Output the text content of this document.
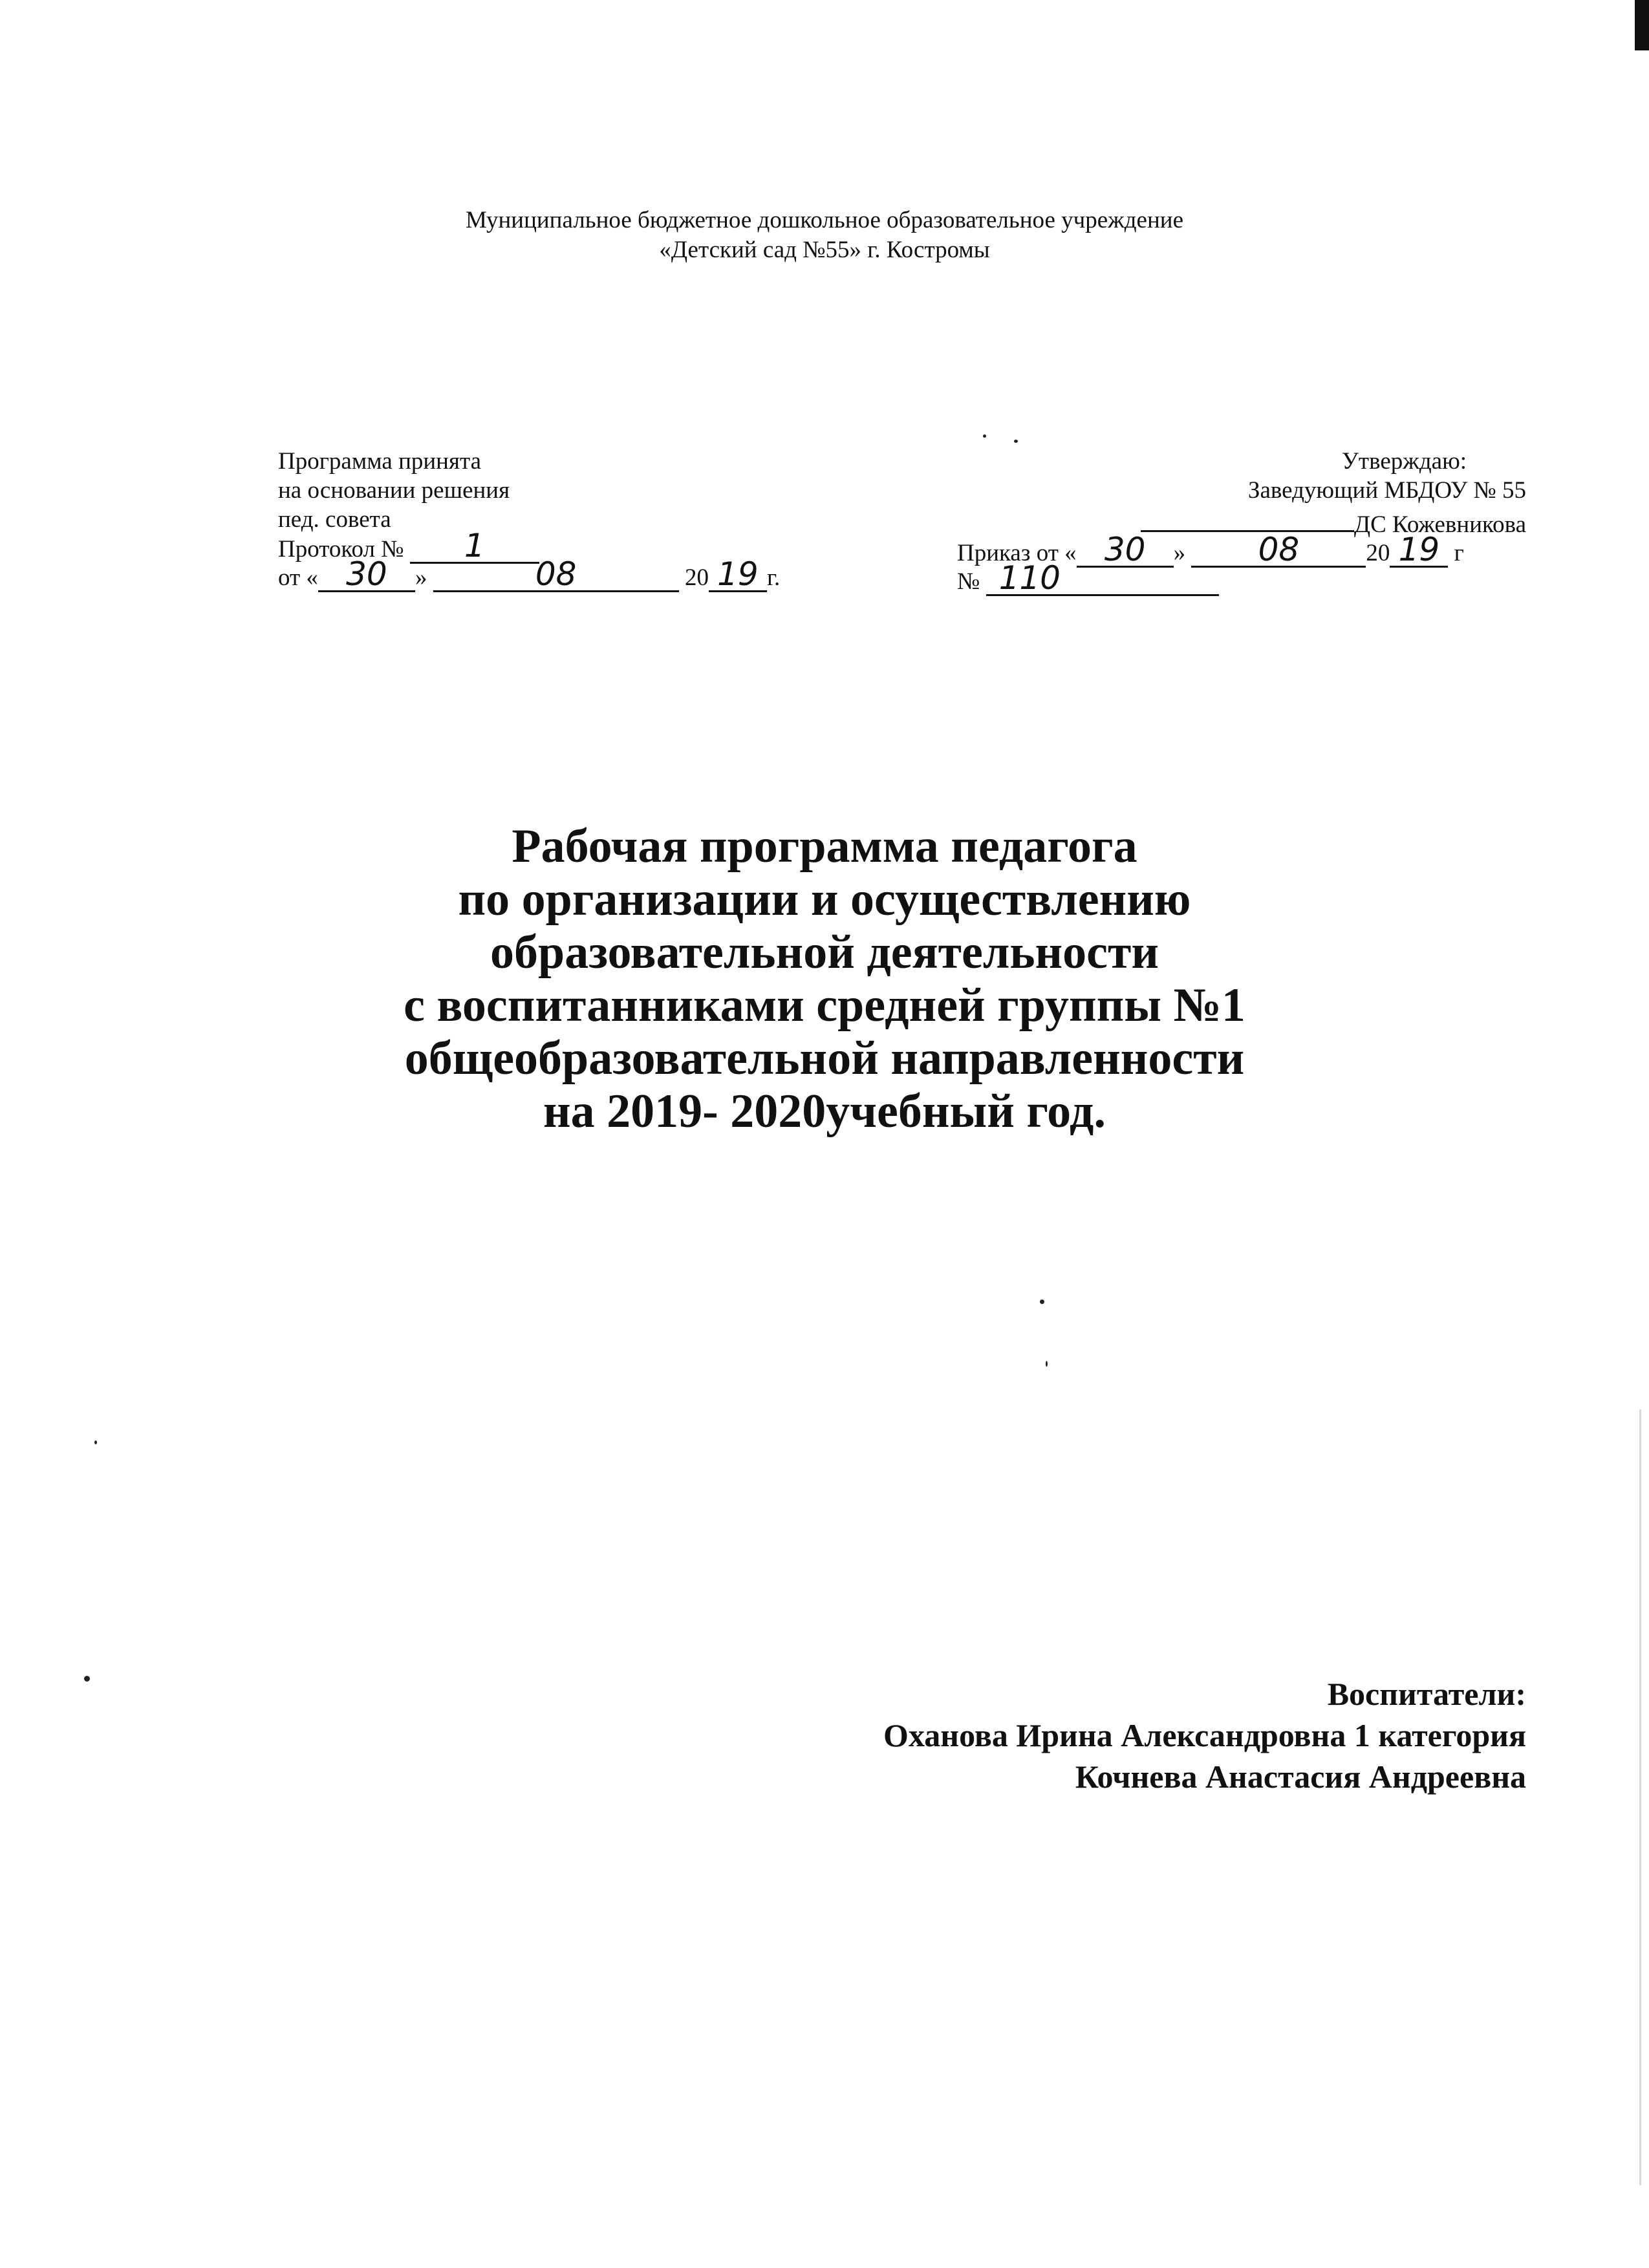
Муниципальное бюджетное дошкольное образовательное учреждение
«Детский сад №55» г. Костромы
Программа принята
на основании решения
пед. совета
Протокол № 1
от « 30 »	08	20 19 г.
Утверждаю:
Заведующий МБДОУ № 55
ДС Кожевникова
Приказ от « 30 » 08	20 19 г
№ 110
Рабочая программа педагога
по организации и осуществлению
образовательной деятельности
с воспитанниками средней группы №1
общеобразовательной направленности
на 2019- 2020учебный год.
Воспитатели:
Оханова Ирина Александровна 1 категория
Кочнева Анастасия Андреевна
